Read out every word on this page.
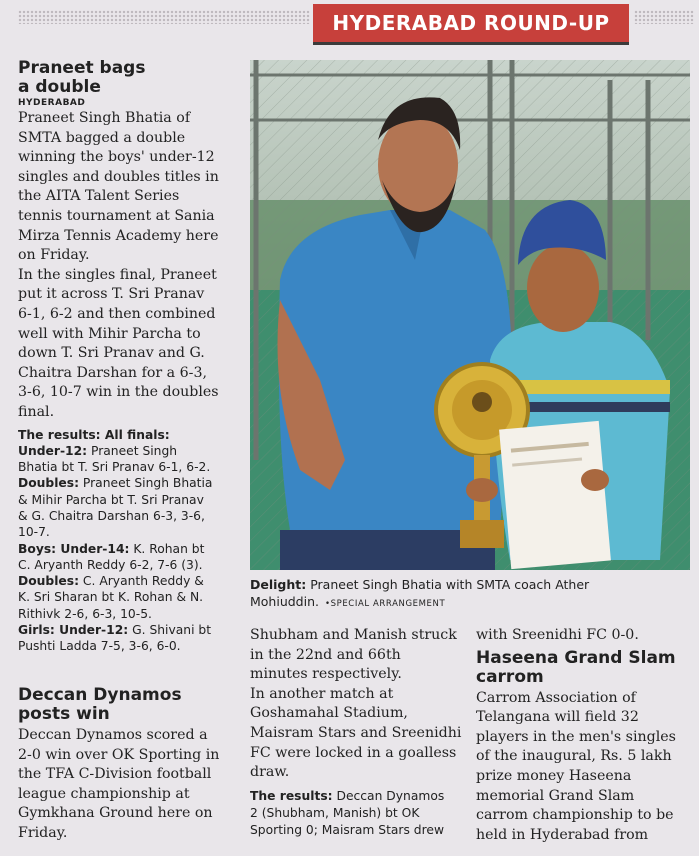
HYDERABAD ROUND-UP
Praneet bags
a double
HYDERABAD
Praneet Singh Bhatia of
SMTA bagged a double
winning the boys' under-12
singles and doubles titles in
the AITA Talent Series
tennis tournament at Sania
Mirza Tennis Academy here
on Friday.
In the singles final, Praneet
put it across T. Sri Pranav
6-1, 6-2 and then combined
well with Mihir Parcha to
down T. Sri Pranav and G.
Chaitra Darshan for a 6-3,
3-6, 10-7 win in the doubles
final.
The results: All finals:
Under-12: Praneet Singh
Bhatia bt T. Sri Pranav 6-1, 6-2.
Doubles: Praneet Singh Bhatia
& Mihir Parcha bt T. Sri Pranav
& G. Chaitra Darshan 6-3, 3-6,
10-7.
Boys: Under-14: K. Rohan bt
C. Aryanth Reddy 6-2, 7-6 (3).
Doubles: C. Aryanth Reddy &
K. Sri Sharan bt K. Rohan & N.
Rithivk 2-6, 6-3, 10-5.
Girls: Under-12: G. Shivani bt
Pushti Ladda 7-5, 3-6, 6-0.
Deccan Dynamos
posts win
Deccan Dynamos scored a
2-0 win over OK Sporting in
the TFA C-Division football
league championship at
Gymkhana Ground here on
Friday.
Delight: Praneet Singh Bhatia with SMTA coach Ather
Mohiuddin. •SPECIAL ARRANGEMENT
Shubham and Manish struck
in the 22nd and 66th
minutes respectively.
In another match at
Goshamahal Stadium,
Maisram Stars and Sreenidhi
FC were locked in a goalless
draw.
The results: Deccan Dynamos
2 (Shubham, Manish) bt OK
Sporting 0; Maisram Stars drew
with Sreenidhi FC 0-0.
Haseena Grand Slam
carrom
Carrom Association of
Telangana will field 32
players in the men's singles
of the inaugural, Rs. 5 lakh
prize money Haseena
memorial Grand Slam
carrom championship to be
held in Hyderabad from
